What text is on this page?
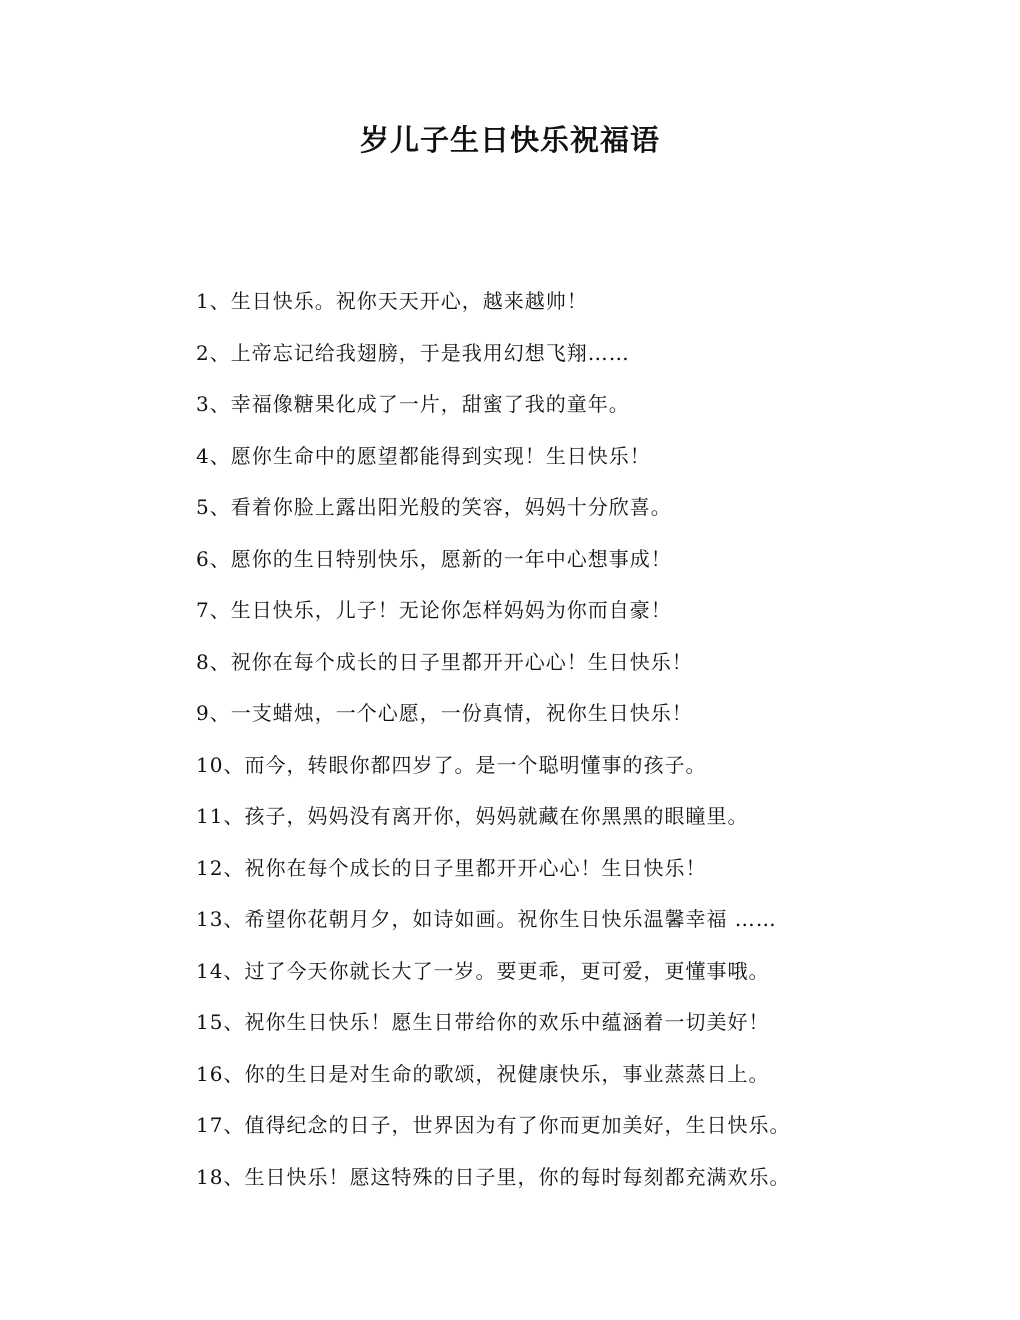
岁儿子生日快乐祝福语
1、生日快乐。祝你天天开心，越来越帅！
2、上帝忘记给我翅膀，于是我用幻想飞翔……
3、幸福像糖果化成了一片，甜蜜了我的童年。
4、愿你生命中的愿望都能得到实现！生日快乐！
5、看着你脸上露出阳光般的笑容，妈妈十分欣喜。
6、愿你的生日特别快乐，愿新的一年中心想事成！
7、生日快乐，儿子！无论你怎样妈妈为你而自豪！
8、祝你在每个成长的日子里都开开心心！生日快乐！
9、一支蜡烛，一个心愿，一份真情，祝你生日快乐！
10、而今，转眼你都四岁了。是一个聪明懂事的孩子。
11、孩子，妈妈没有离开你，妈妈就藏在你黑黑的眼瞳里。
12、祝你在每个成长的日子里都开开心心！生日快乐！
13、希望你花朝月夕，如诗如画。祝你生日快乐温馨幸福 ……
14、过了今天你就长大了一岁。要更乖，更可爱，更懂事哦。
15、祝你生日快乐！愿生日带给你的欢乐中蕴涵着一切美好！
16、你的生日是对生命的歌颂，祝健康快乐，事业蒸蒸日上。
17、值得纪念的日子，世界因为有了你而更加美好，生日快乐。
18、生日快乐！愿这特殊的日子里，你的每时每刻都充满欢乐。
